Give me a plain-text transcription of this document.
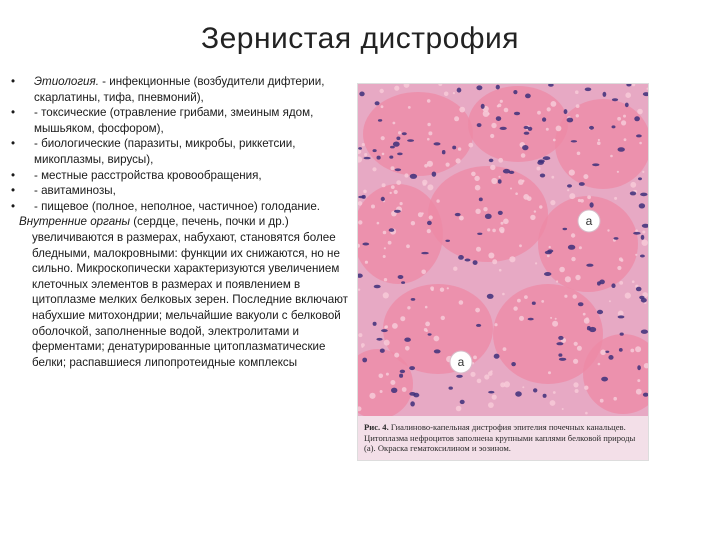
Зернистая дистрофия
• Этиология. - инфекционные (возбудители дифтерии, скарлатины, тифа, пневмоний),
• - токсические (отравление грибами, змеиным ядом, мышьяком, фосфором),
• - биологические (паразиты, микробы, риккетсии, микоплазмы, вирусы),
• - местные расстройства кровообращения,
• - авитаминозы,
• - пищевое (полное, неполное, частичное) голодание.
Внутренние органы (сердце, печень, почки и др.) увеличиваются в размерах, набухают, становятся более бледными, малокровными: функции их снижаются, но не сильно. Микроскопически характеризуются увеличением клеточных элементов в размерах и появлением в цитоплазме мелких белковых зерен. Последние включают набухшие митохондрии; мельчайшие вакуоли с белковой оболочкой, заполненные водой, электролитами и ферментами; денатурированные цитоплазматические белки; распавшиеся липопротеидные комплексы
a
a
Рис. 4. Гиалиново-капельная дистрофия эпителия почечных канальцев. Цитоплазма нефроцитов заполнена крупными каплями белковой природы (а). Окраска гематоксилином и эозином.
